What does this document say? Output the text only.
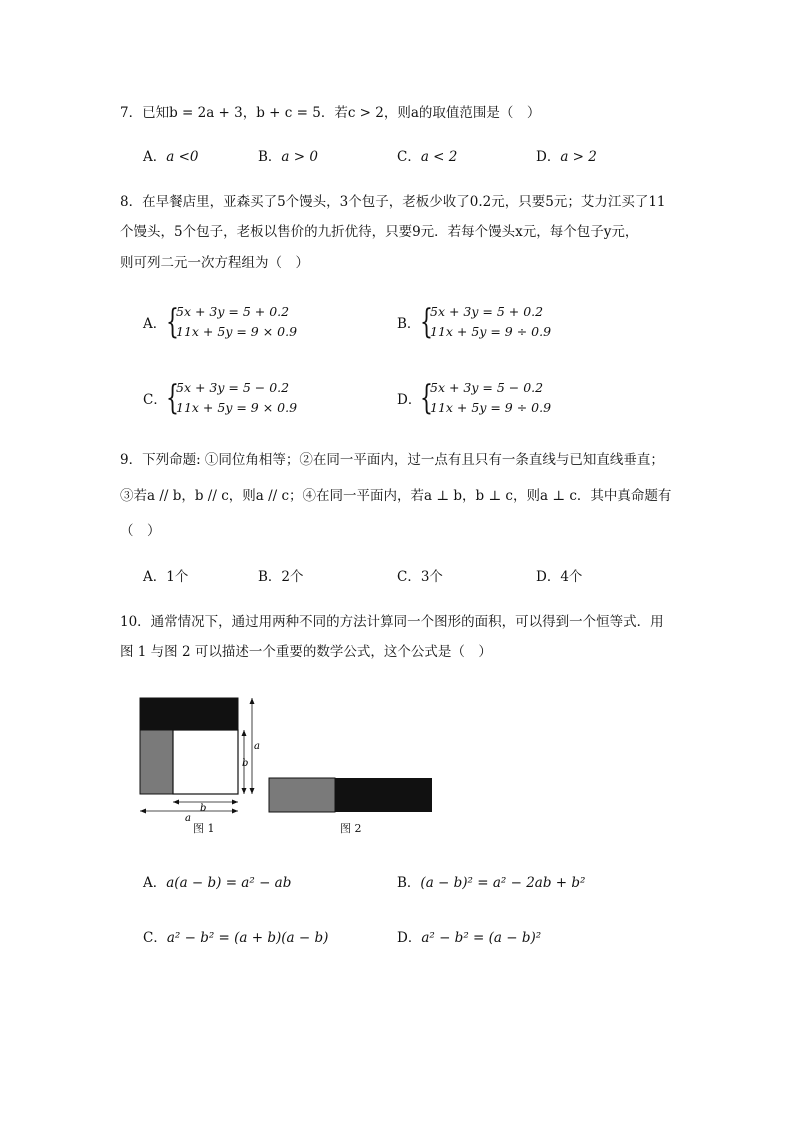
7．已知b = 2a + 3，b + c = 5．若c > 2，则a的取值范围是（　）
A．a <0	B．a > 0	C．a < 2	D．a > 2
8．在早餐店里，亚森买了5个馒头，3个包子，老板少收了0.2元，只要5元；艾力江买了11
个馒头，5个包子，老板以售价的九折优待，只要9元．若每个馒头x元，每个包子y元，
则可列二元一次方程组为（　）
A． {
5x + 3y = 5 + 0.2
11x + 5y = 9 × 0.9	B． {
5x + 3y = 5 + 0.2
11x + 5y = 9 ÷ 0.9
C． {
5x + 3y = 5 − 0.2
11x + 5y = 9 × 0.9	D．
{
5x + 3y = 5 − 0.2
11x + 5y = 9 ÷ 0.9
9．下列命题: ①同位角相等；②在同一平面内，过一点有且只有一条直线与已知直线垂直；
③若a // b，b // c，则a // c；④在同一平面内，若a ⊥ b，b ⊥ c，则a ⊥ c．其中真命题有
（　）
A．1个	B．2个	C．3个	D．4个
10．通常情况下，通过用两种不同的方法计算同一个图形的面积，可以得到一个恒等式．用
图 1 与图 2 可以描述一个重要的数学公式，这个公式是（　）
a
b
b
a
图 1	图 2
A．a(a − b) = a² − ab	B．(a − b)² = a² − 2ab + b²
C．a² − b² = (a + b)(a − b)	D．a² − b² = (a − b)²
